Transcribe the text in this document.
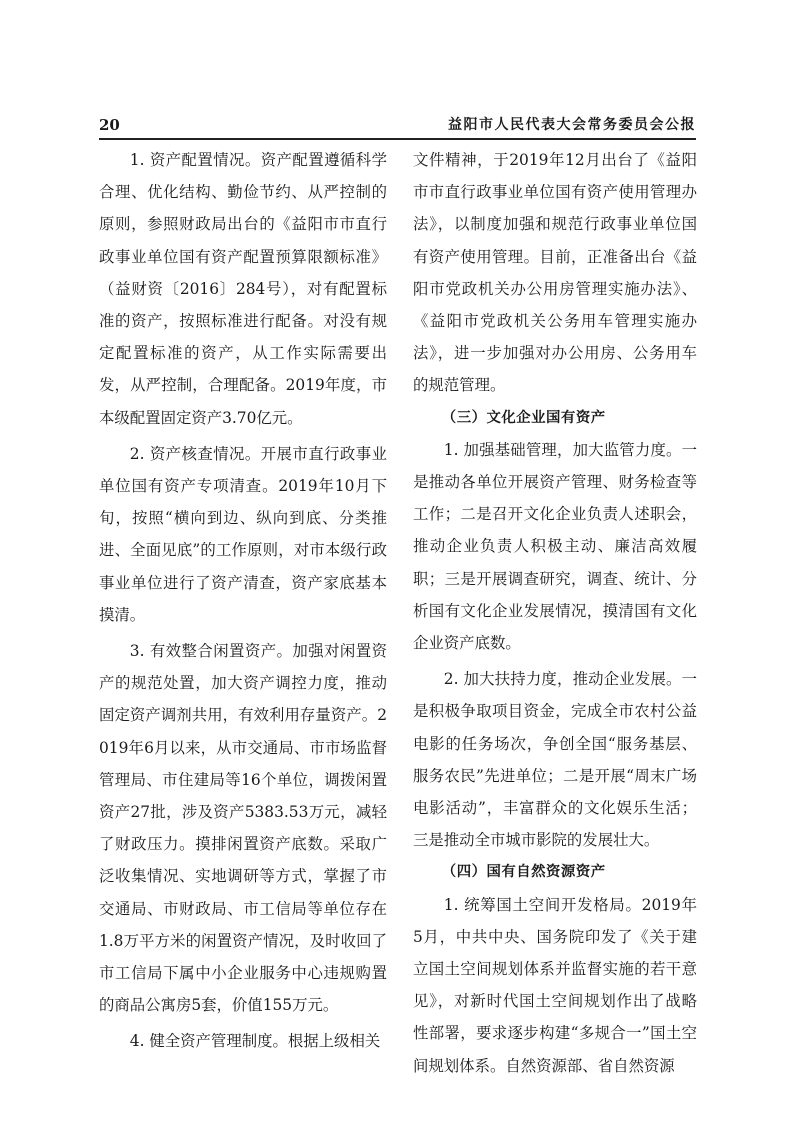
20	益阳市人民代表大会常务委员会公报

1. 资产配置情况。资产配置遵循科学合理、优化结构、勤俭节约、从严控制的原则，参照财政局出台的《益阳市市直行政事业单位国有资产配置预算限额标准》（益财资〔2016〕284号），对有配置标准的资产，按照标准进行配备。对没有规定配置标准的资产，从工作实际需要出发，从严控制，合理配备。2019年度，市本级配置固定资产3.70亿元。

2. 资产核查情况。开展市直行政事业单位国有资产专项清查。2019年10月下旬，按照“横向到边、纵向到底、分类推进、全面见底”的工作原则，对市本级行政事业单位进行了资产清查，资产家底基本摸清。

3. 有效整合闲置资产。加强对闲置资产的规范处置，加大资产调控力度，推动固定资产调剂共用，有效利用存量资产。2019年6月以来，从市交通局、市市场监督管理局、市住建局等16个单位，调拨闲置资产27批，涉及资产5383.53万元，减轻了财政压力。摸排闲置资产底数。采取广泛收集情况、实地调研等方式，掌握了市交通局、市财政局、市工信局等单位存在1.8万平方米的闲置资产情况，及时收回了市工信局下属中小企业服务中心违规购置的商品公寓房5套，价值155万元。

4. 健全资产管理制度。根据上级相关

文件精神，于2019年12月出台了《益阳市市直行政事业单位国有资产使用管理办法》，以制度加强和规范行政事业单位国有资产使用管理。目前，正准备出台《益阳市党政机关办公用房管理实施办法》、《益阳市党政机关公务用车管理实施办法》，进一步加强对办公用房、公务用车的规范管理。

（三）文化企业国有资产

1. 加强基础管理，加大监管力度。一是推动各单位开展资产管理、财务检查等工作；二是召开文化企业负责人述职会，推动企业负责人积极主动、廉洁高效履职；三是开展调查研究，调查、统计、分析国有文化企业发展情况，摸清国有文化企业资产底数。

2. 加大扶持力度，推动企业发展。一是积极争取项目资金，完成全市农村公益电影的任务场次，争创全国“服务基层、服务农民”先进单位；二是开展“周末广场电影活动”，丰富群众的文化娱乐生活；三是推动全市城市影院的发展壮大。

（四）国有自然资源资产

1. 统筹国土空间开发格局。2019年5月，中共中央、国务院印发了《关于建立国土空间规划体系并监督实施的若干意见》，对新时代国土空间规划作出了战略性部署，要求逐步构建“多规合一”国土空间规划体系。自然资源部、省自然资源
